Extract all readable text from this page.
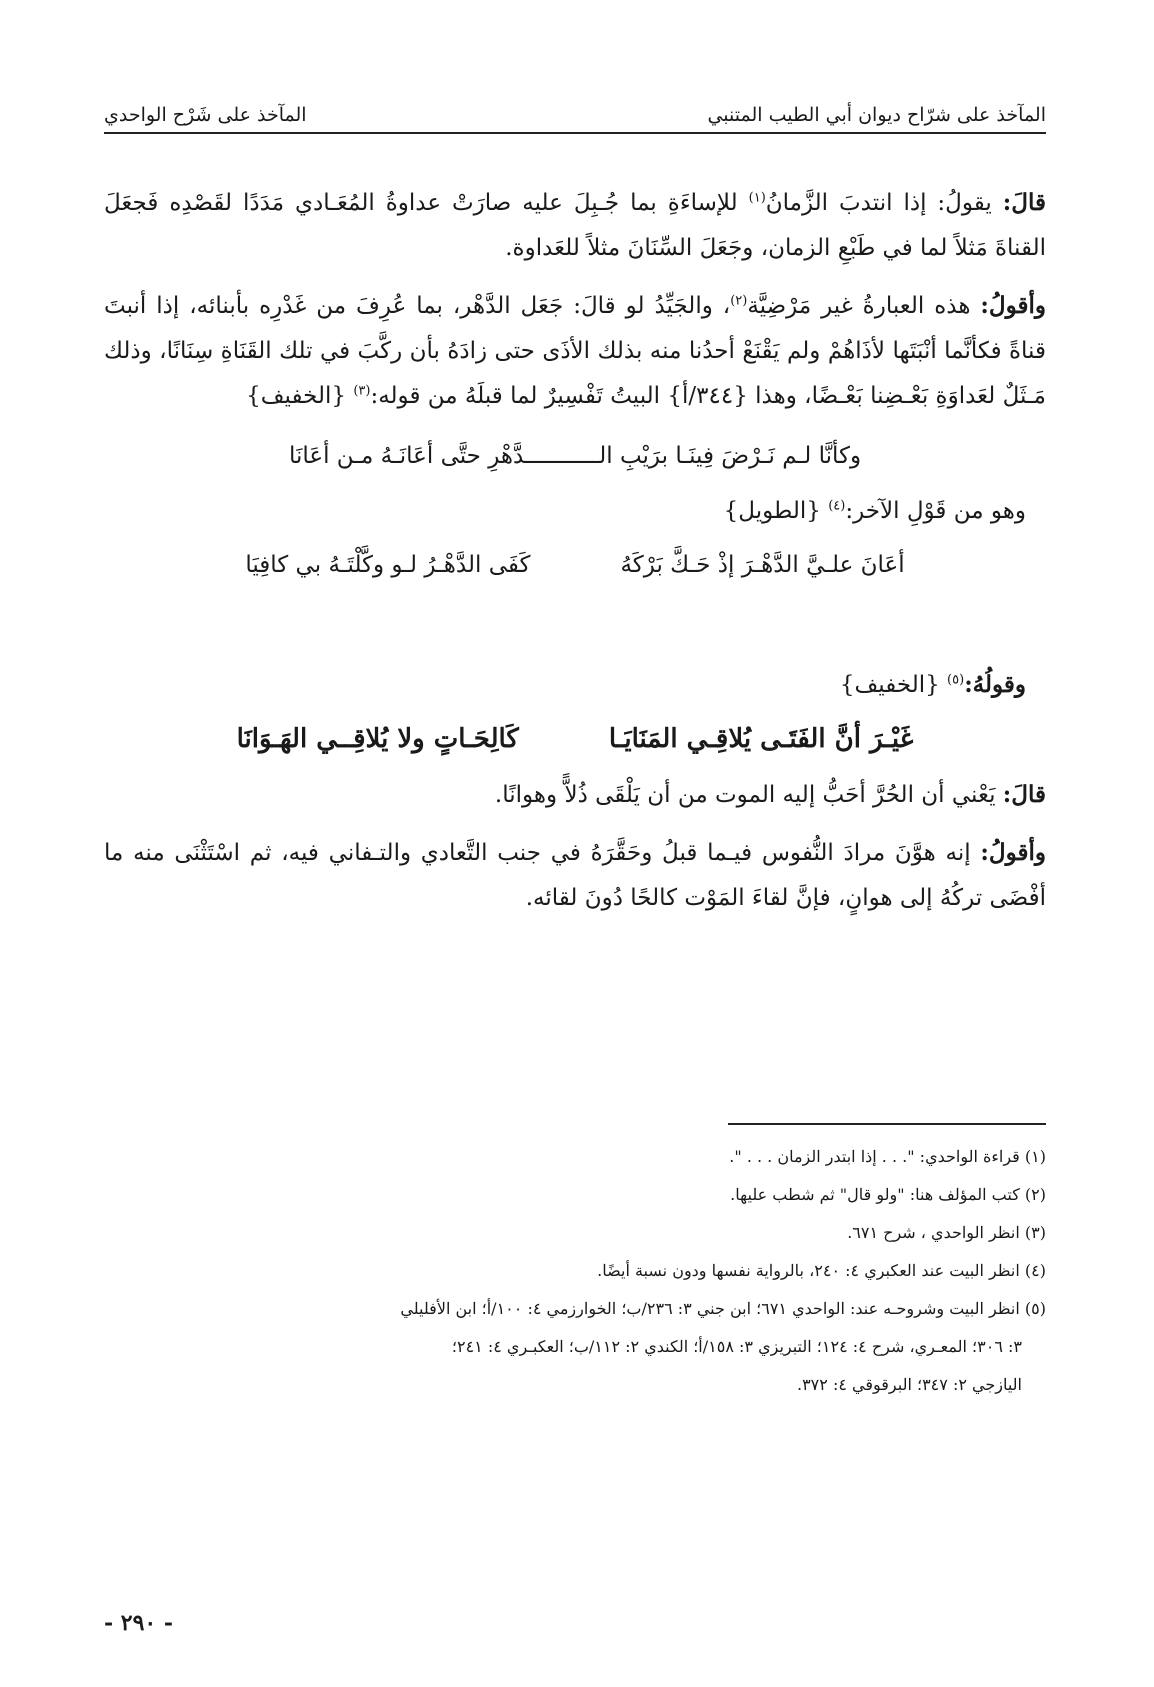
المآخذ على شرّاح ديوان أبي الطيب المتنبي
المآخذ على شَرْح الواحدي

قالَ: يقولُ: إذا انتدبَ الزَّمانُ$^{(١)}$ للإساءَةِ بما جُـبِلَ عليه صارَتْ عداوةُ المُعَـادي مَدَدًا لقَصْدِه فَجعَلَ القناةَ مَثلاً لما في طَبْعِ الزمان، وجَعَلَ السِّنَانَ مثلاً للعَداوة.

وأقولُ: هذه العبارةُ غير مَرْضِيَّة$^{(٢)}$، والجَيِّدُ لو قالَ: جَعَل الدَّهْر، بما عُرِفَ من غَدْرِه بأبنائه، إذا أنبتَ قناةً فكأنَّما أنْبَتَها لأذَاهُمْ ولم يَقْنَعْ أحدُنا منه بذلك الأذَى حتى زادَهُ بأن ركَّبَ في تلك القَنَاةِ سِنَانًا، وذلك مَـثَلٌ لعَداوَةِ بَعْـضِنا بَعْـضًا، وهذا {٣٤٤/أ} البيتُ تَفْسِيرٌ لما قبلَهُ من قوله:$^{(٣)}$ {الخفيف}

وكأنَّا لـم نَـرْضَ فِينَـا برَيْبِ الـــــــــــدَّهْرِ حتَّى أعَانَـهُ مـن أعَانَا

وهو من قَوْلِ الآخر:$^{(٤)}$ {الطويل}

أعَانَ علـيَّ الدَّهْـرَ إذْ حَـكَّ بَرْكَهُ
كَفَى الدَّهْـرُ لـو وكَّلْتَـهُ بي كافِيَا

وقولُهُ:$^{(٥)}$ {الخفيف}

غَيْـرَ أنَّ الفَتَـى يُلاقِـي المَنَايَـا
كَالِحَـاتٍ ولا يُلاقِــي الهَـوَانَا

قالَ: يَعْني أن الحُرَّ أحَبُّ إليه الموت من أن يَلْقَى ذُلاًّ وهوانًا.

وأقولُ: إنه هوَّنَ مرادَ النُّفوس فيـما قبلُ وحَقَّرَهُ في جنب التَّعادي والتـفاني فيه، ثم اسْتَثْنَى منه ما أفْضَى تركُهُ إلى هوانٍ، فإنَّ لقاءَ المَوْت كالحًا دُونَ لقائه.

(١) قراءة الواحدي: ". . . إذا ابتدر الزمان . . . ".

(٢) كتب المؤلف هنا: "ولو قال" ثم شطب عليها.

(٣) انظر الواحدي ، شرح ٦٧١.

(٤) انظر البيت عند العكبري ٤: ٢٤٠، بالرواية نفسها ودون نسبة أيضًا.

(٥) انظر البيت وشروحـه عند: الواحدي ٦٧١؛ ابن جني ٣: ٢٣٦/ب؛ الخوارزمي ٤: ١٠٠/أ؛ ابن الأفليلي
٣: ٣٠٦؛ المعـري، شرح ٤: ١٢٤؛ التبريزي ٣: ١٥٨/أ؛ الكندي ٢: ١١٢/ب؛ العكبـري ٤: ٢٤١؛
اليازجي ٢: ٣٤٧؛ البرقوقي ٤: ٣٧٢.

- ٢٩٠ -
